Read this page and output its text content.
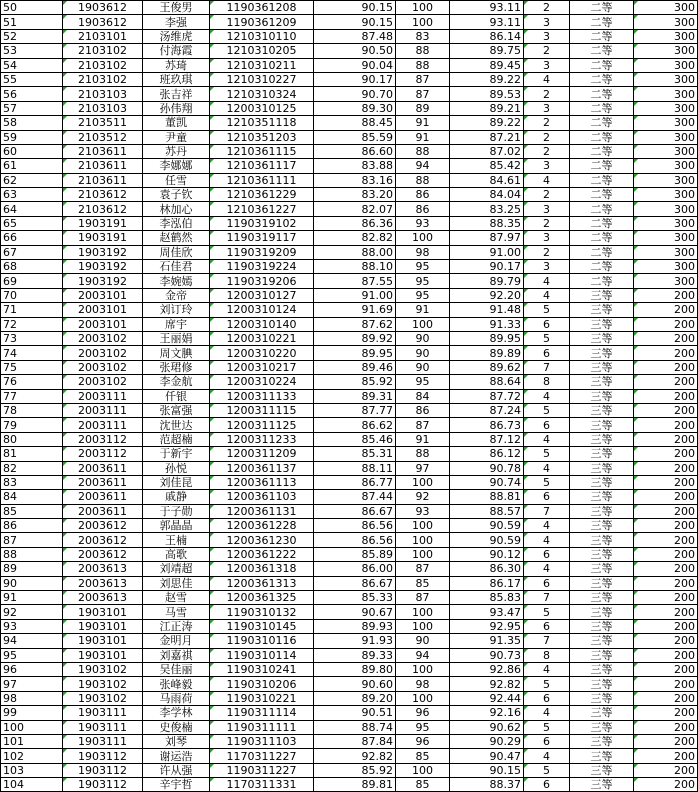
50	1903612	王俊男	1190361208	90.15	100	93.11	2	二等	300
51	1903612	李强	1190361209	90.15	100	93.11	3	二等	300
52	2103101	汤维虎	1210310110	87.48	83	86.14	3	二等	300
53	2103102	付海霞	1210310205	90.50	88	89.75	2	二等	300
54	2103102	苏琦	1210310211	90.04	88	89.45	3	二等	300
55	2103102	班玖琪	1210310227	90.17	87	89.22	4	二等	300
56	2103103	张吉祥	1210310324	90.70	87	89.53	2	二等	300
57	2103103	孙伟翔	1200310125	89.30	89	89.21	3	二等	300
58	2103511	董凯	1210351118	88.45	91	89.22	2	二等	300
59	2103512	尹童	1210351203	85.59	91	87.21	2	二等	300
60	2103611	苏丹	1210361115	86.60	88	87.02	2	二等	300
61	2103611	李娜娜	1210361117	83.88	94	85.42	3	二等	300
62	2103611	任雪	1210361111	83.16	88	84.61	4	二等	300
63	2103612	袁子钦	1210361229	83.20	86	84.04	2	二等	300
64	2103612	林加心	1210361227	82.07	86	83.25	3	二等	300
65	1903191	李泓伯	1190319102	86.36	93	88.35	2	二等	300
66	1903191	赵鹤然	1190319117	82.82	100	87.97	3	二等	300
67	1903192	周佳欣	1190319209	88.00	98	91.00	2	二等	300
68	1903192	石佳君	1190319224	88.10	95	90.17	3	二等	300
69	1903192	李婉嫣	1190319206	87.55	95	89.79	4	二等	300
70	2003101	金帝	1200310127	91.00	95	92.20	4	三等	200
71	2003101	刘订玲	1200310124	91.69	91	91.48	5	三等	200
72	2003101	席宇	1200310140	87.62	100	91.33	6	三等	200
73	2003102	王丽娟	1200310221	89.92	90	89.95	5	三等	200
74	2003102	周文腆	1200310220	89.95	90	89.89	6	三等	200
75	2003102	张珺修	1200310217	89.46	90	89.62	7	三等	200
76	2003102	李金航	1200310224	85.92	95	88.64	8	三等	200
77	2003111	仟银	1200311133	89.31	84	87.72	4	三等	200
78	2003111	张富强	1200311115	87.77	86	87.24	5	三等	200
79	2003111	沈世达	1200311125	86.62	87	86.73	6	三等	200
80	2003112	范超楠	1200311233	85.46	91	87.12	4	三等	200
81	2003112	于新宇	1200311209	85.31	88	86.12	5	三等	200
82	2003611	孙悦	1200361137	88.11	97	90.78	4	三等	200
83	2003611	刘佳昆	1200361113	86.77	100	90.74	5	三等	200
84	2003611	戚静	1200361103	87.44	92	88.81	6	三等	200
85	2003611	于子勋	1200361131	86.67	93	88.57	7	三等	200
86	2003612	郭晶晶	1200361228	86.56	100	90.59	4	三等	200
87	2003612	王楠	1200361230	86.56	100	90.59	4	三等	200
88	2003612	高歌	1200361222	85.89	100	90.12	6	三等	200
89	2003613	刘靖超	1200361318	86.00	87	86.30	4	三等	200
90	2003613	刘思佳	1200361313	86.67	85	86.17	6	三等	200
91	2003613	赵雪	1200361325	85.33	87	85.83	7	三等	200
92	1903101	马雪	1190310132	90.67	100	93.47	5	三等	200
93	1903101	江正涛	1190310145	89.93	100	92.95	6	三等	200
94	1903101	金明月	1190310116	91.93	90	91.35	7	三等	200
95	1903101	刘嘉祺	1190310114	89.33	94	90.73	8	三等	200
96	1903102	吴佳丽	1190310241	89.80	100	92.86	4	三等	200
97	1903102	张峰毅	1190310206	90.60	98	92.82	5	三等	200
98	1903102	马雨荷	1190310221	89.20	100	92.44	6	三等	200
99	1903111	李学林	1190311114	90.51	96	92.16	4	三等	200
100	1903111	史俊楠	1190311111	88.74	95	90.62	5	三等	200
101	1903111	刘琴	1190311103	87.84	96	90.29	6	三等	200
102	1903112	谢运浩	1170311227	92.82	85	90.47	4	三等	200
103	1903112	许从强	1190311227	85.92	100	90.15	5	三等	200
104	1903112	辛宇哲	1170311331	89.81	85	88.37	6	三等	200
